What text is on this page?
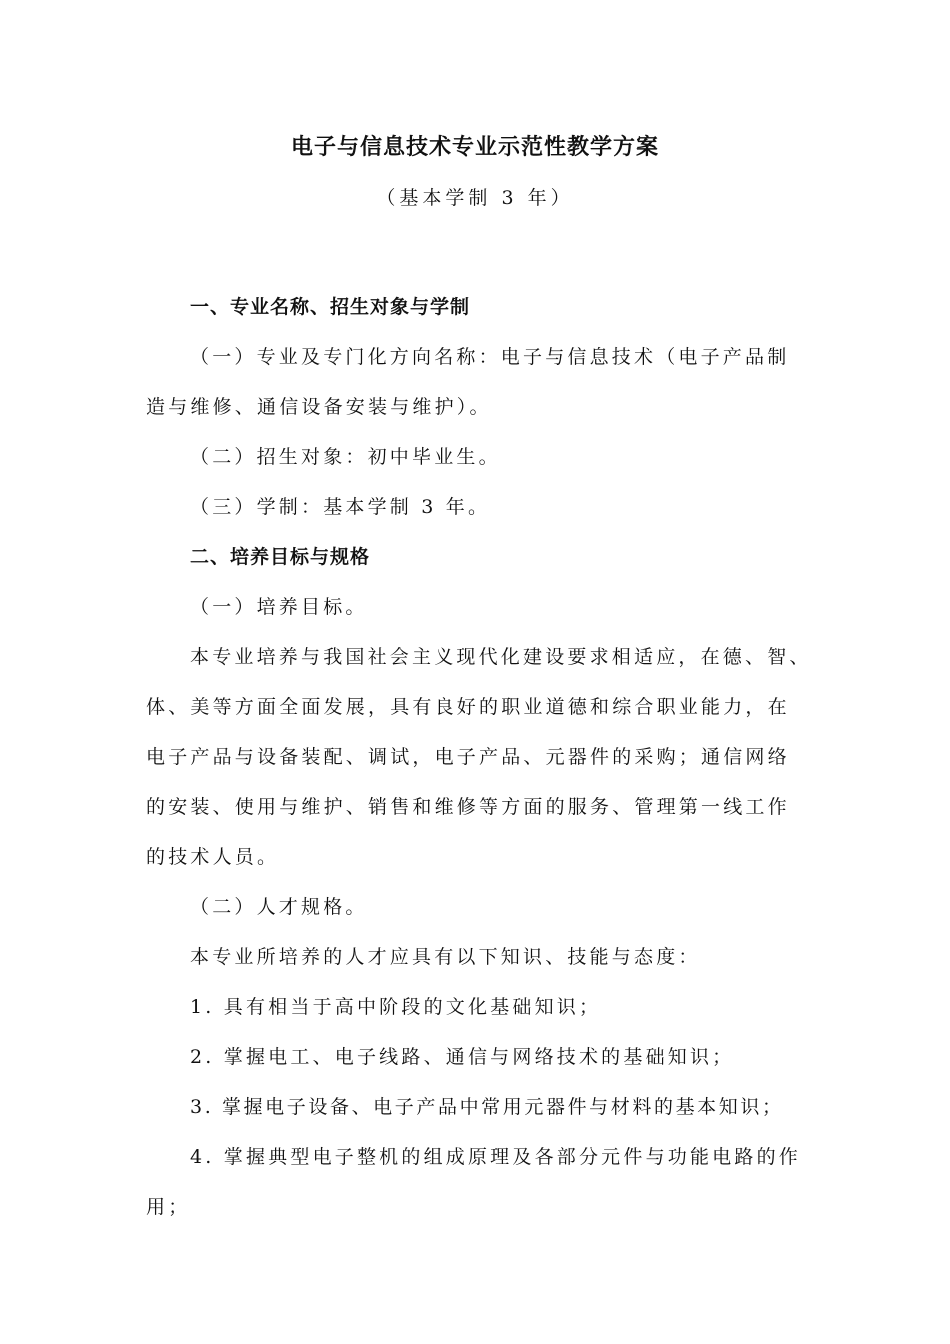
电子与信息技术专业示范性教学方案
（基本学制 3 年）
一、专业名称、招生对象与学制
（一）专业及专门化方向名称：电子与信息技术（电子产品制
造与维修、通信设备安装与维护）。
（二）招生对象：初中毕业生。
（三）学制：基本学制 3 年。
二、培养目标与规格
（一）培养目标。
本专业培养与我国社会主义现代化建设要求相适应，在德、智、
体、美等方面全面发展，具有良好的职业道德和综合职业能力，在
电子产品与设备装配、调试，电子产品、元器件的采购；通信网络
的安装、使用与维护、销售和维修等方面的服务、管理第一线工作
的技术人员。
（二）人才规格。
本专业所培养的人才应具有以下知识、技能与态度：
1. 具有相当于高中阶段的文化基础知识；
2. 掌握电工、电子线路、通信与网络技术的基础知识；
3. 掌握电子设备、电子产品中常用元器件与材料的基本知识；
4. 掌握典型电子整机的组成原理及各部分元件与功能电路的作
用；
